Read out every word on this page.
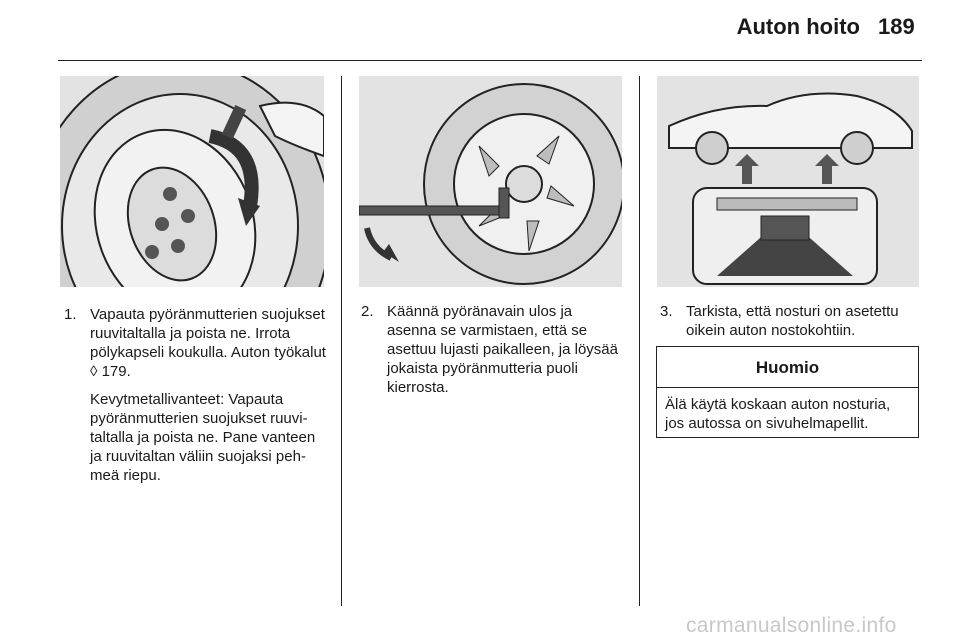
Auton hoito 189
1. Vapauta pyöränmutterien suojukset ruuvitaltalla ja poista ne. Irrota pölykapseli koukulla. Auton työkalut ◊ 179.

Kevytmetallivanteet: Vapauta pyöränmutterien suojukset ruuvitaltalla ja poista ne. Pane vanteen ja ruuvitaltan väliin suojaksi pehmeä riepu.

2. Käännä pyöränavain ulos ja asenna se varmistaen, että se asettuu lujasti paikalleen, ja löysää jokaista pyöränmutteria puoli kierrosta.

3. Tarkista, että nosturi on asetettu oikein auton nostokohtiin.

Huomio
Älä käytä koskaan auton nosturia, jos autossa on sivuhelmapellit.
carmanualsonline.info
